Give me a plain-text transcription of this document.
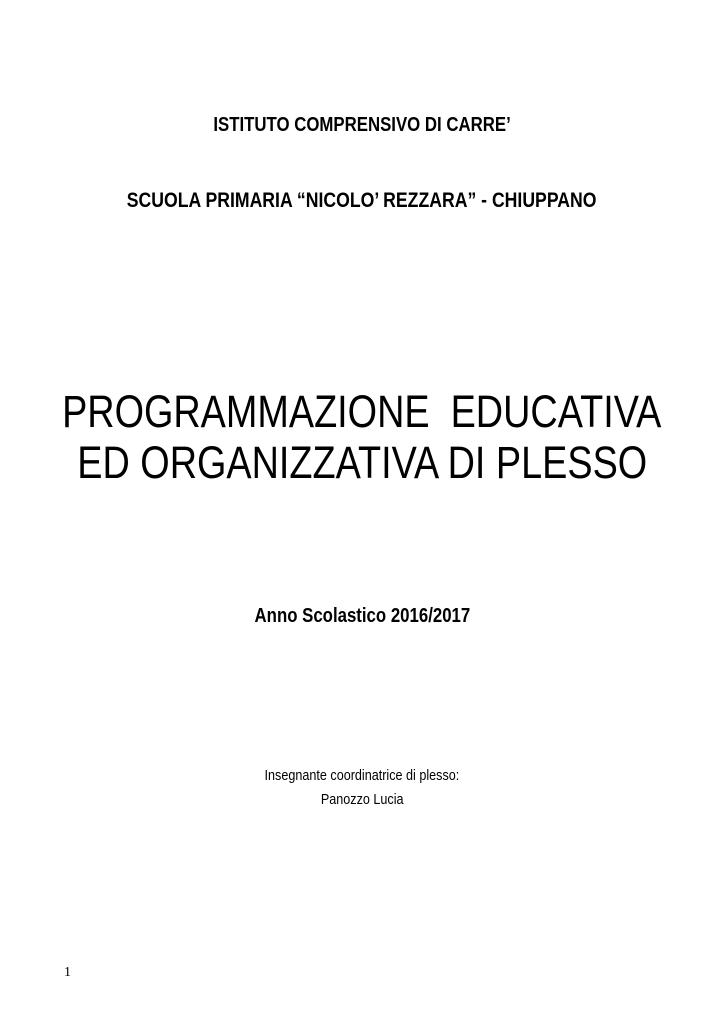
ISTITUTO COMPRENSIVO DI CARRE’
SCUOLA PRIMARIA “NICOLO’ REZZARA” - CHIUPPANO
PROGRAMMAZIONE  EDUCATIVA
ED ORGANIZZATIVA DI PLESSO
Anno Scolastico 2016/2017
Insegnante coordinatrice di plesso:
Panozzo Lucia
1
